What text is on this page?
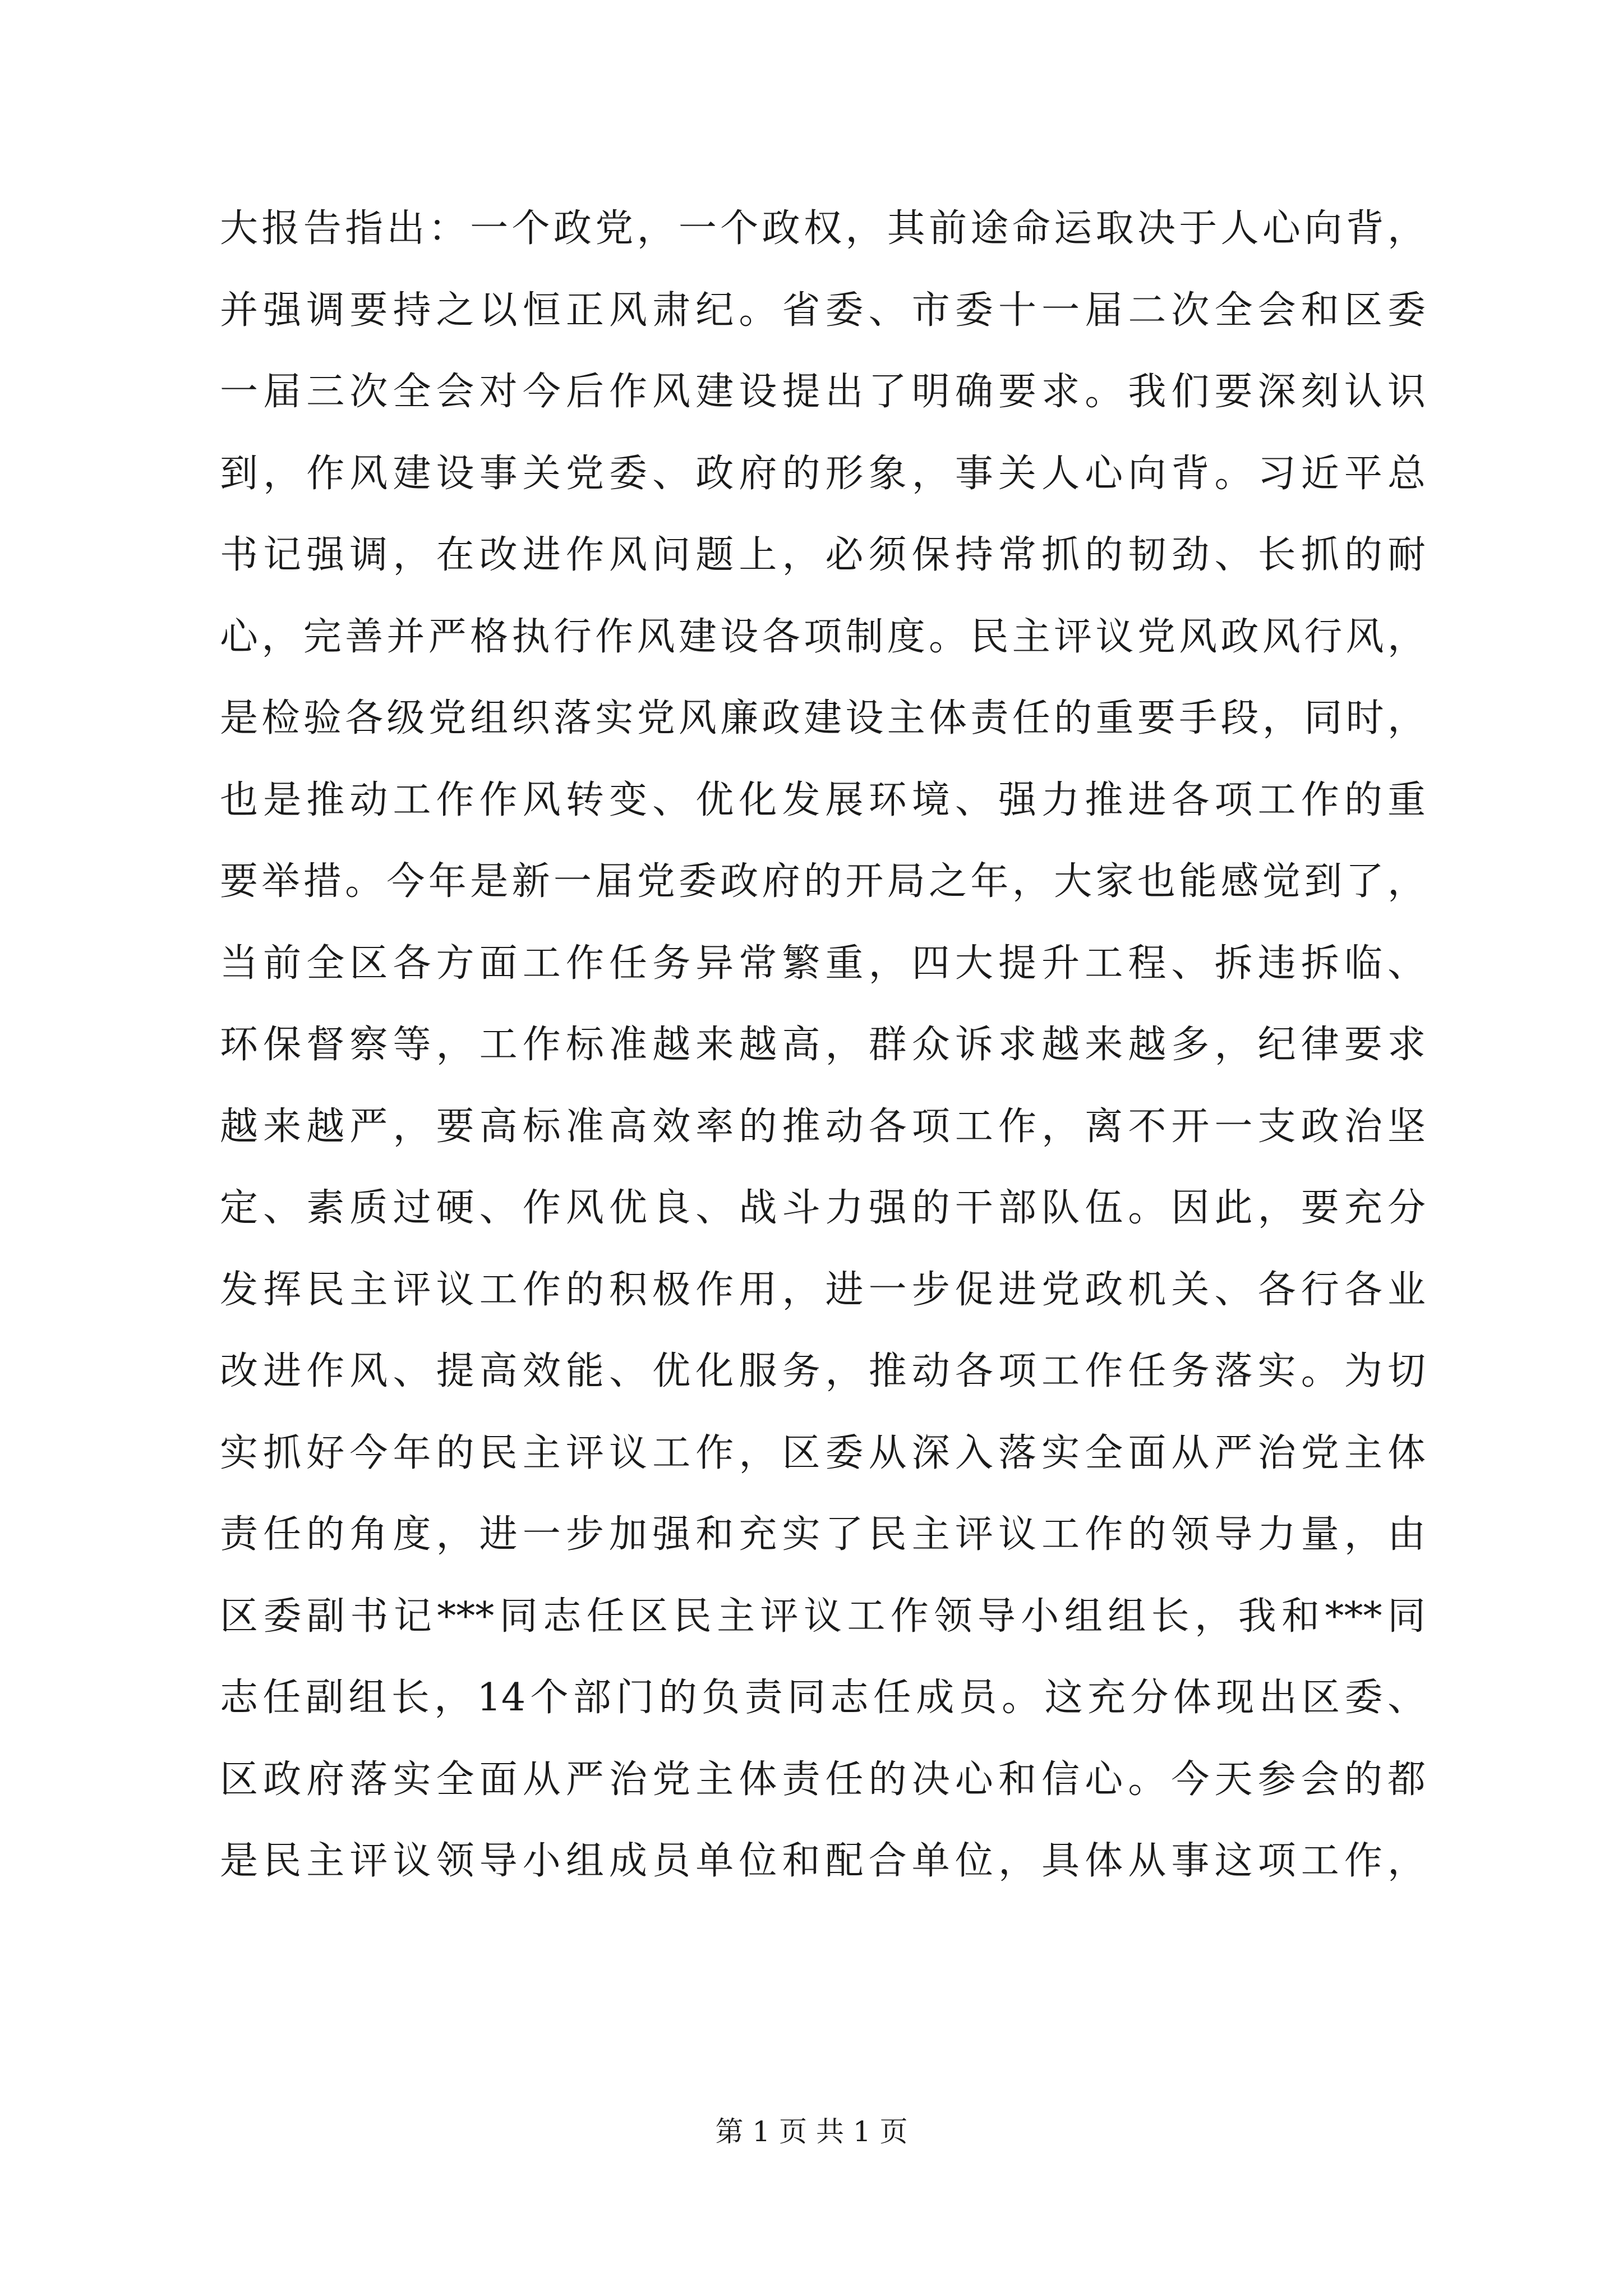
大报告指出：一个政党，一个政权，其前途命运取决于人心向背，
并强调要持之以恒正风肃纪。省委、市委十一届二次全会和区委
一届三次全会对今后作风建设提出了明确要求。我们要深刻认识
到，作风建设事关党委、政府的形象，事关人心向背。习近平总
书记强调，在改进作风问题上，必须保持常抓的韧劲、长抓的耐
心，完善并严格执行作风建设各项制度。民主评议党风政风行风，
是检验各级党组织落实党风廉政建设主体责任的重要手段，同时，
也是推动工作作风转变、优化发展环境、强力推进各项工作的重
要举措。今年是新一届党委政府的开局之年，大家也能感觉到了，
当前全区各方面工作任务异常繁重，四大提升工程、拆违拆临、
环保督察等，工作标准越来越高，群众诉求越来越多，纪律要求
越来越严，要高标准高效率的推动各项工作，离不开一支政治坚
定、素质过硬、作风优良、战斗力强的干部队伍。因此，要充分
发挥民主评议工作的积极作用，进一步促进党政机关、各行各业
改进作风、提高效能、优化服务，推动各项工作任务落实。为切
实抓好今年的民主评议工作，区委从深入落实全面从严治党主体
责任的角度，进一步加强和充实了民主评议工作的领导力量，由
区委副书记***同志任区民主评议工作领导小组组长，我和***同
志任副组长，14个部门的负责同志任成员。这充分体现出区委、
区政府落实全面从严治党主体责任的决心和信心。今天参会的都
是民主评议领导小组成员单位和配合单位，具体从事这项工作，
第 1 页 共 1 页
